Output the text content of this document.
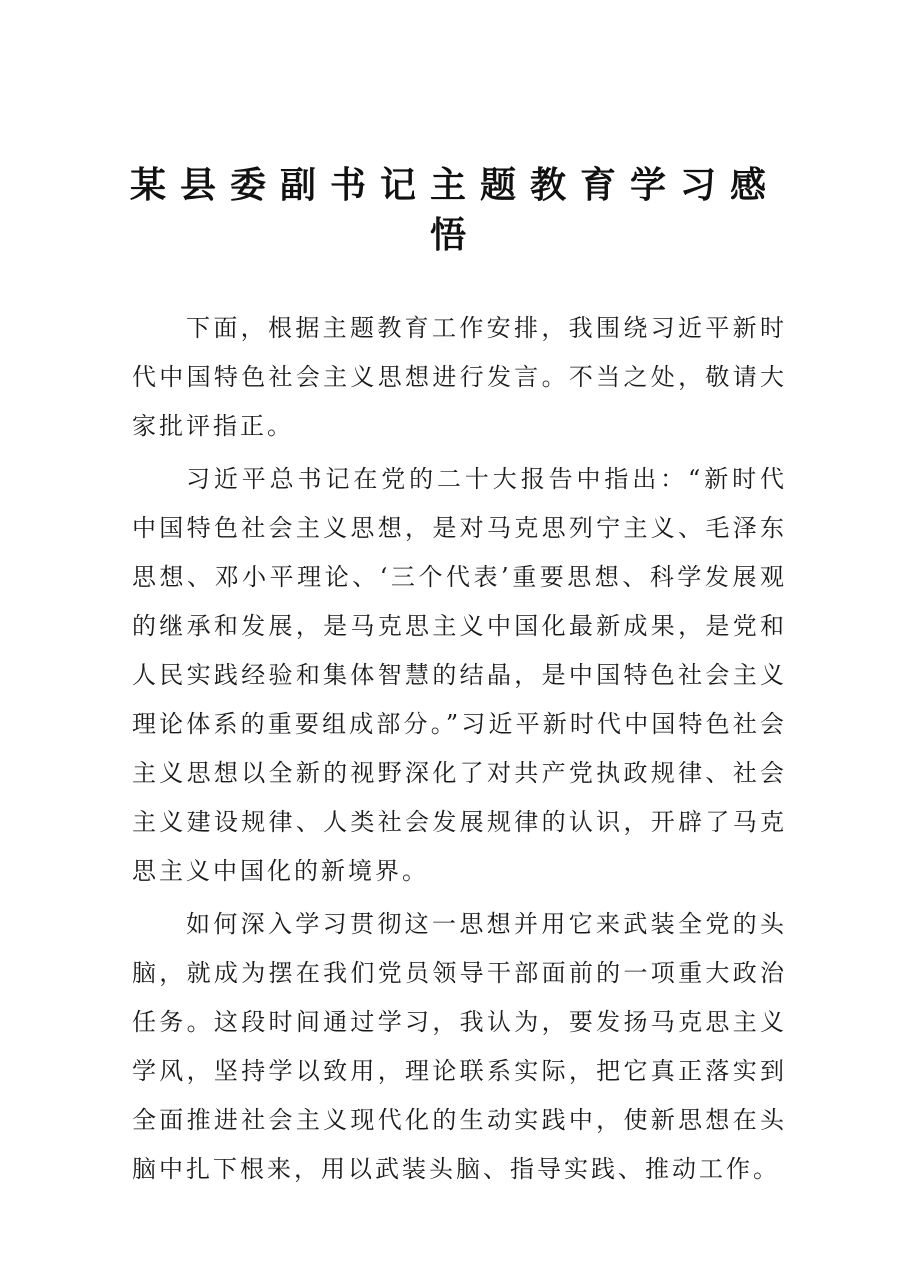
某县委副书记主题教育学习感悟

下面，根据主题教育工作安排，我围绕习近平新时代中国特色社会主义思想进行发言。不当之处，敬请大家批评指正。

习近平总书记在党的二十大报告中指出：“新时代中国特色社会主义思想，是对马克思列宁主义、毛泽东思想、邓小平理论、‘三个代表’重要思想、科学发展观的继承和发展，是马克思主义中国化最新成果，是党和人民实践经验和集体智慧的结晶，是中国特色社会主义理论体系的重要组成部分。”习近平新时代中国特色社会主义思想以全新的视野深化了对共产党执政规律、社会主义建设规律、人类社会发展规律的认识，开辟了马克思主义中国化的新境界。

如何深入学习贯彻这一思想并用它来武装全党的头脑，就成为摆在我们党员领导干部面前的一项重大政治任务。这段时间通过学习，我认为，要发扬马克思主义学风，坚持学以致用，理论联系实际，把它真正落实到全面推进社会主义现代化的生动实践中，使新思想在头脑中扎下根来，用以武装头脑、指导实践、推动工作。
